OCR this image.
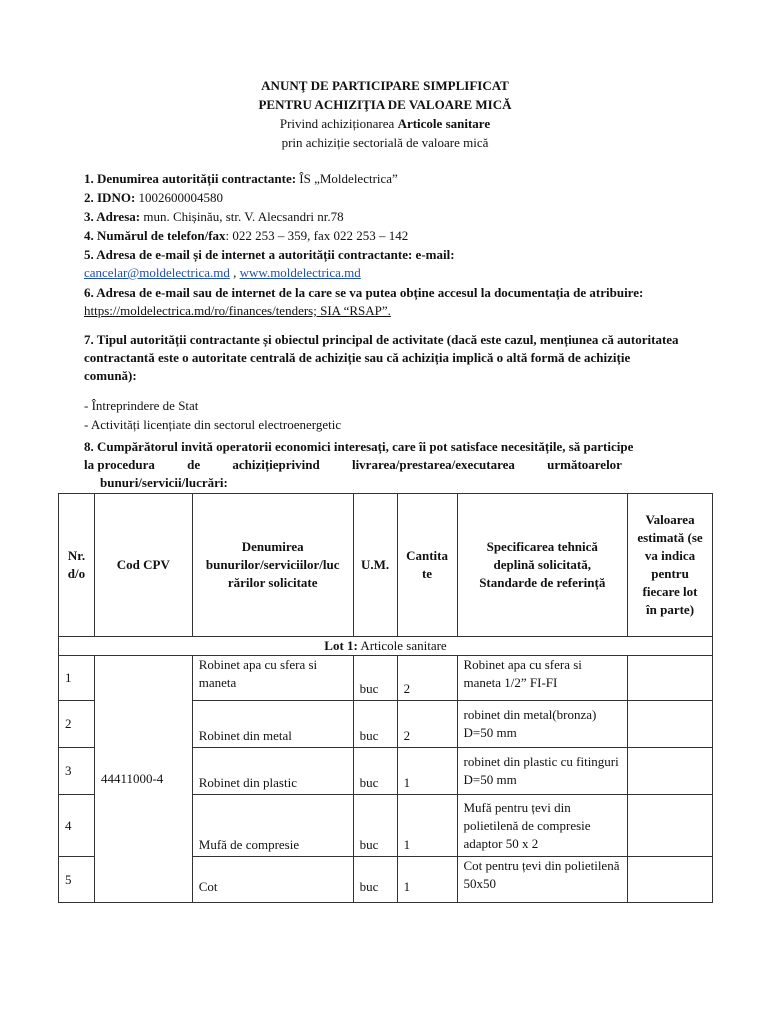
ANUNŢ DE PARTICIPARE SIMPLIFICAT
PENTRU ACHIZIŢIA DE VALOARE MICĂ
Privind achiziționarea Articole sanitare
prin achiziție sectorială de valoare mică
1. Denumirea autorității contractante: ÎS „Moldelectrica”
2. IDNO: 1002600004580
3. Adresa: mun. Chișinău, str. V. Alecsandri nr.78
4. Numărul de telefon/fax: 022 253 – 359, fax 022 253 – 142
5. Adresa de e-mail și de internet a autorității contractante: e-mail:
cancelar@moldelectrica.md , www.moldelectrica.md
6. Adresa de e-mail sau de internet de la care se va putea obține accesul la documentația de atribuire:
https://moldelectrica.md/ro/finances/tenders; SIA “RSAP”.
7. Tipul autorității contractante și obiectul principal de activitate (dacă este cazul, mențiunea că autoritatea contractantă este o autoritate centrală de achiziție sau că achiziția implică o altă formă de achiziție comună):
- Întreprindere de Stat
- Activități licențiate din sectorul electroenergetic
8. Cumpărătorul invită operatorii economici interesați, care îi pot satisface necesitățile, să participe
la procedura de achizițieprivind livrarea/prestarea/executarea următoarelor
bunuri/servicii/lucrări:
Nr. d/o	Cod CPV	Denumirea bunurilor/serviciilor/luc rărilor solicitate	U.M.	Cantita te	Specificarea tehnică deplină solicitată, Standarde de referință	Valoarea estimată (se va indica pentru fiecare lot în parte)
Lot 1: Articole sanitare						
1	44411000-4	Robinet apa cu sfera si maneta	buc	2	Robinet apa cu sfera si maneta 1/2” FI-FI	
2		Robinet din metal	buc	2	robinet din metal(bronza) D=50 mm	
3		Robinet din plastic	buc	1	robinet din plastic cu fitinguri D=50 mm	
4		Mufă de compresie	buc	1	Mufă pentru țevi din polietilenă de compresie adaptor 50 x 2	
5		Cot	buc	1	Cot pentru țevi din polietilenă 50x50	
